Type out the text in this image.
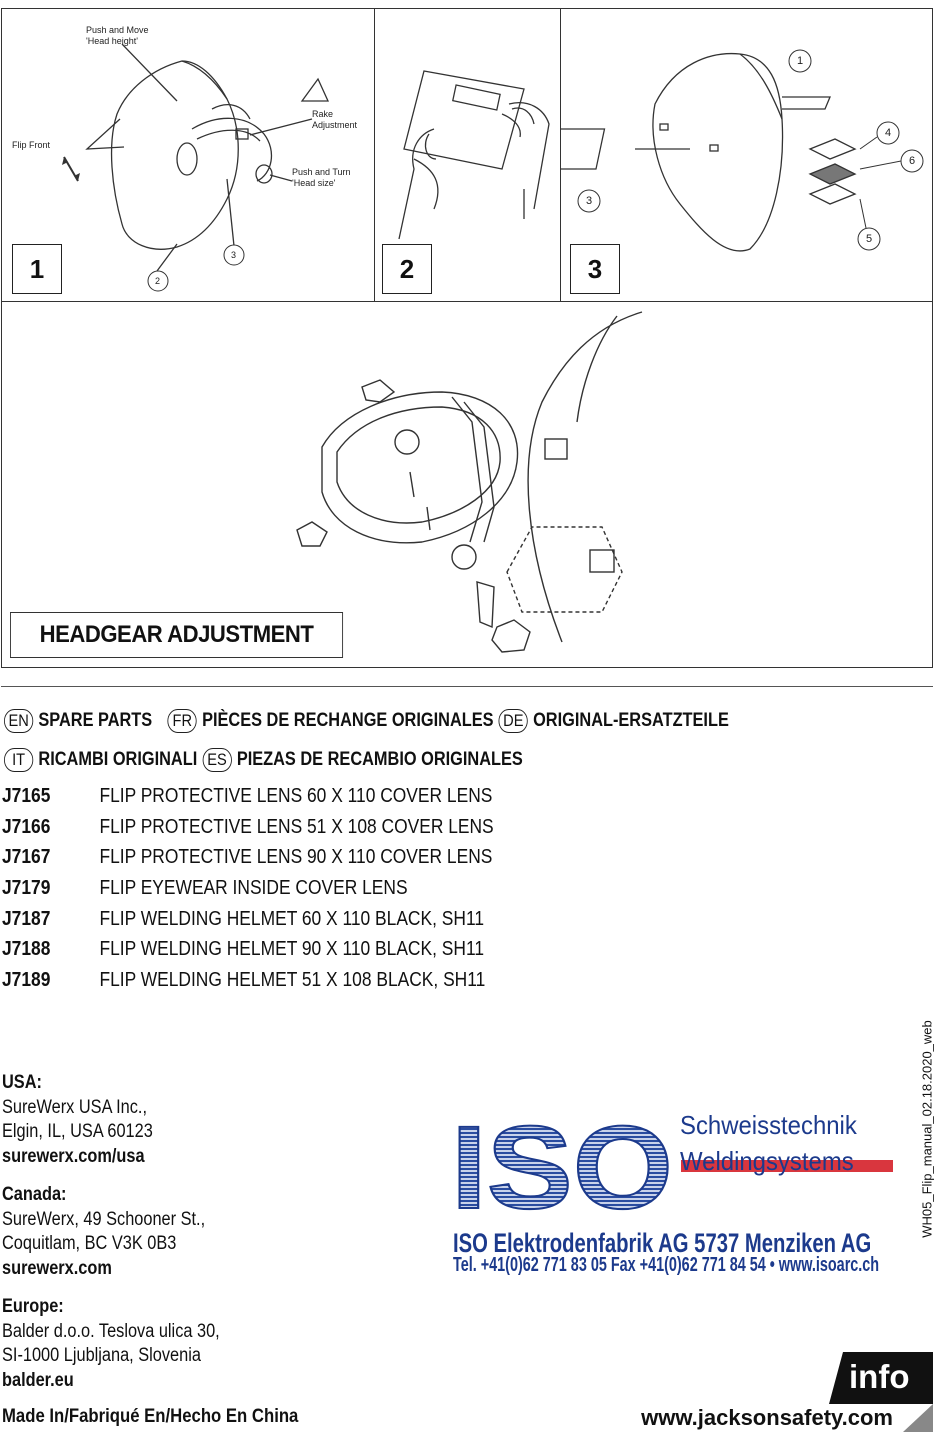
Push and Move
'Head height'
Rake
Adjustment
Flip Front
Push and Turn
'Head size'
2
3
1	2
1
3
4
6
5
3
HEADGEAR ADJUSTMENT
EN SPARE PARTS FR PIÈCES DE RECHANGE ORIGINALES DE ORIGINAL-ERSATZTEILE
IT RICAMBI ORIGINALI ES PIEZAS DE RECAMBIO ORIGINALES
J7165	FLIP PROTECTIVE LENS 60 X 110 COVER LENS
J7166	FLIP PROTECTIVE LENS 51 X 108 COVER LENS
J7167	FLIP PROTECTIVE LENS 90 X 110 COVER LENS
J7179	FLIP EYEWEAR INSIDE COVER LENS
J7187	FLIP WELDING HELMET 60 X 110 BLACK, SH11
J7188	FLIP WELDING HELMET 90 X 110 BLACK, SH11
J7189	FLIP WELDING HELMET 51 X 108 BLACK, SH11
USA:
SureWerx USA Inc.,
Elgin, IL, USA 60123
surewerx.com/usa
Canada:
SureWerx, 49 Schooner St.,
Coquitlam, BC V3K 0B3
surewerx.com
Europe:
Balder d.o.o. Teslova ulica 30,
SI-1000 Ljubljana, Slovenia
balder.eu
Made In/Fabriqué En/Hecho En China
WH05_Flip_manual_02.18.2020_web
ISO Schweisstechnik
Weldingsystems
ISO Elektrodenfabrik AG 5737 Menziken AG
Tel. +41(0)62 771 83 05 Fax +41(0)62 771 84 54 • www.isoarc.ch
info
www.jacksonsafety.com
